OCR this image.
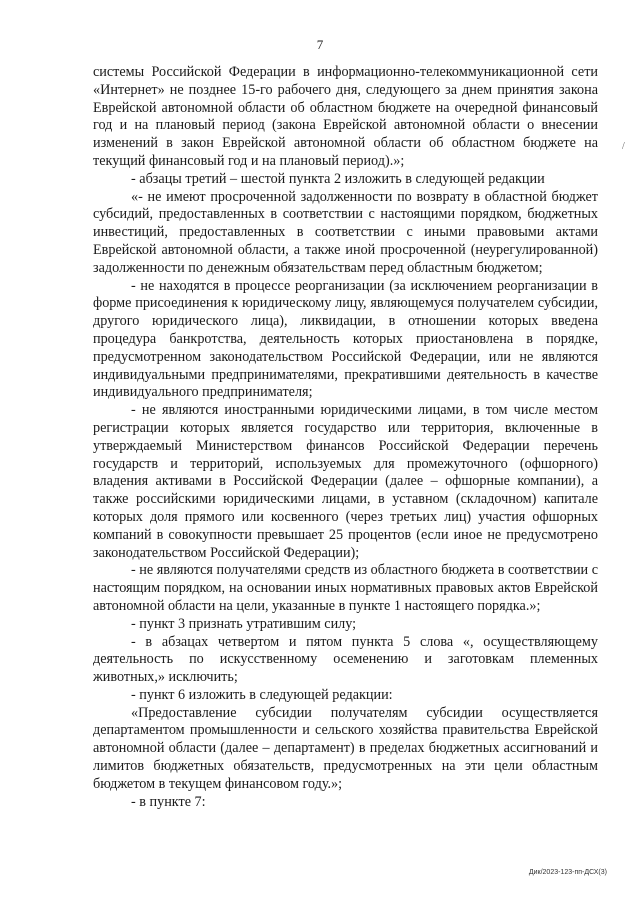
7
/

системы Российской Федерации в информационно-телекоммуникационной сети «Интернет» не позднее 15-го рабочего дня, следующего за днем принятия закона Еврейской автономной области об областном бюджете на очередной финансовый год и на плановый период (закона Еврейской автономной области о внесении изменений в закон Еврейской автономной области об областном бюджете на текущий финансовый год и на плановый период).»;

- абзацы третий – шестой пункта 2 изложить в следующей редакции

«- не имеют просроченной задолженности по возврату в областной бюджет субсидий, предоставленных в соответствии с настоящими порядком, бюджетных инвестиций, предоставленных в соответствии с иными правовыми актами Еврейской автономной области, а также иной просроченной (неурегулированной) задолженности по денежным обязательствам перед областным бюджетом;

- не находятся в процессе реорганизации (за исключением реорганизации в форме присоединения к юридическому лицу, являющемуся получателем субсидии, другого юридического лица), ликвидации, в отношении которых введена процедура банкротства, деятельность которых приостановлена в порядке, предусмотренном законодательством Российской Федерации, или не являются индивидуальными предпринимателями, прекратившими деятельность в качестве индивидуального предпринимателя;

- не являются иностранными юридическими лицами, в том числе местом регистрации которых является государство или территория, включенные в утверждаемый Министерством финансов Российской Федерации перечень государств и территорий, используемых для промежуточного (офшорного) владения активами в Российской Федерации (далее – офшорные компании), а также российскими юридическими лицами, в уставном (складочном) капитале которых доля прямого или косвенного (через третьих лиц) участия офшорных компаний в совокупности превышает 25 процентов (если иное не предусмотрено законодательством Российской Федерации);

- не являются получателями средств из областного бюджета в соответствии с настоящим порядком, на основании иных нормативных правовых актов Еврейской автономной области на цели, указанные в пункте 1 настоящего порядка.»;

- пункт 3 признать утратившим силу;

- в абзацах четвертом и пятом пункта 5 слова «, осуществляющему деятельность по искусственному осеменению и заготовкам племенных животных,» исключить;

- пункт 6 изложить в следующей редакции:

«Предоставление субсидии получателям субсидии осуществляется департаментом промышленности и сельского хозяйства правительства Еврейской автономной области (далее – департамент) в пределах бюджетных ассигнований и лимитов бюджетных обязательств, предусмотренных на эти цели областным бюджетом в текущем финансовом году.»;

- в пункте 7:

Дик/2023-123-пп-ДСХ(3)
